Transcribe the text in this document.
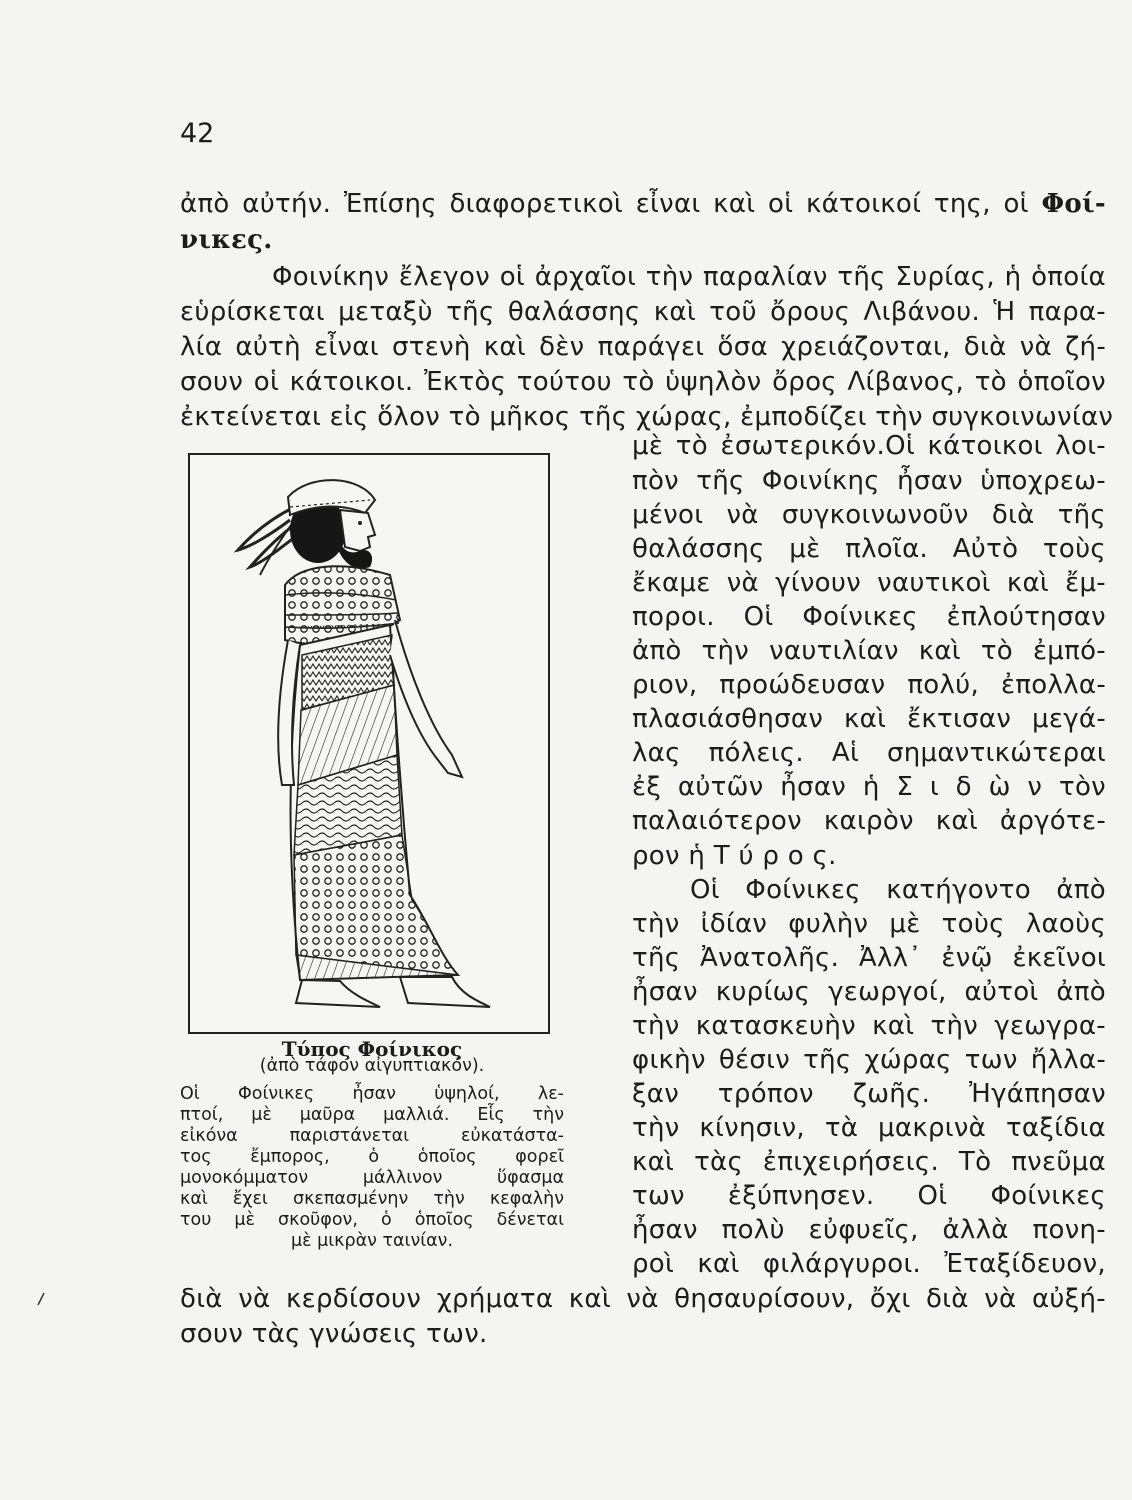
42
ἀπὸ αὐτήν. Ἐπίσης διαφορετικοὶ εἶναι καὶ οἱ κάτοικοί της, οἱ Φοί-
νικες.
Φοινίκην ἔλεγον οἱ ἀρχαῖοι τὴν παραλίαν τῆς Συρίας, ἡ ὁποία
εὑρίσκεται μεταξὺ τῆς θαλάσσης καὶ τοῦ ὄρους Λιβάνου. Ἡ παρα-
λία αὐτὴ εἶναι στενὴ καὶ δὲν παράγει ὅσα χρειάζονται, διὰ νὰ ζή-
σουν οἱ κάτοικοι. Ἐκτὸς τούτου τὸ ὑψηλὸν ὄρος Λίβανος, τὸ ὁποῖον
ἐκτείνεται εἰς ὅλον τὸ μῆκος τῆς χώρας, ἐμποδίζει τὴν συγκοινωνίαν
μὲ τὸ ἐσωτερικόν.Οἱ κάτοικοι λοι-
πὸν τῆς Φοινίκης ἦσαν ὑποχρεω-
μένοι νὰ συγκοινωνοῦν διὰ τῆς
θαλάσσης μὲ πλοῖα. Αὐτὸ τοὺς
ἔκαμε νὰ γίνουν ναυτικοὶ καὶ ἔμ-
ποροι. Οἱ Φοίνικες ἐπλούτησαν
ἀπὸ τὴν ναυτιλίαν καὶ τὸ ἐμπό-
ριον, προώδευσαν πολύ, ἐπολλα-
πλασιάσθησαν καὶ ἔκτισαν μεγά-
λας πόλεις. Αἱ σημαντικώτεραι
ἐξ αὐτῶν ἦσαν ἡ Σ ι δ ὼ ν τὸν
παλαιότερον καιρὸν καὶ ἀργότε-
ρον ἡ Τ ύ ρ ο ς.
Οἱ Φοίνικες κατήγοντο ἀπὸ
τὴν ἰδίαν φυλὴν μὲ τοὺς λαοὺς
τῆς Ἀνατολῆς. Ἀλλ᾽ ἐνῷ ἐκεῖνοι
ἦσαν κυρίως γεωργοί, αὐτοὶ ἀπὸ
τὴν κατασκευὴν καὶ τὴν γεωγρα-
φικὴν θέσιν τῆς χώρας των ἤλλα-
ξαν τρόπον ζωῆς. Ἠγάπησαν
τὴν κίνησιν, τὰ μακρινὰ ταξίδια
καὶ τὰς ἐπιχειρήσεις. Τὸ πνεῦμα
των ἐξύπνησεν. Οἱ Φοίνικες
ἦσαν πολὺ εὐφυεῖς, ἀλλὰ πονη-
ροὶ καὶ φιλάργυροι. Ἐταξίδευον,
διὰ νὰ κερδίσουν χρήματα καὶ νὰ θησαυρίσουν, ὄχι διὰ νὰ αὐξή-
σουν τὰς γνώσεις των.
Τύπος Φοίνικος
(ἀπὸ τάφον αἰγυπτιακόν).
Οἱ Φοίνικες ἦσαν ὑψηλοί, λε-
πτοί, μὲ μαῦρα μαλλιά. Εἷς τὴν
εἰκόνα παριστάνεται εὐκατάστα-
τος ἔμπορος, ὁ ὁποῖος φορεῖ
μονοκόμματον μάλλινον ὕφασμα
καὶ ἔχει σκεπασμένην τὴν κεφαλὴν
του μὲ σκοῦφον, ὁ ὁποῖος δένεται
μὲ μικρὰν ταινίαν.
